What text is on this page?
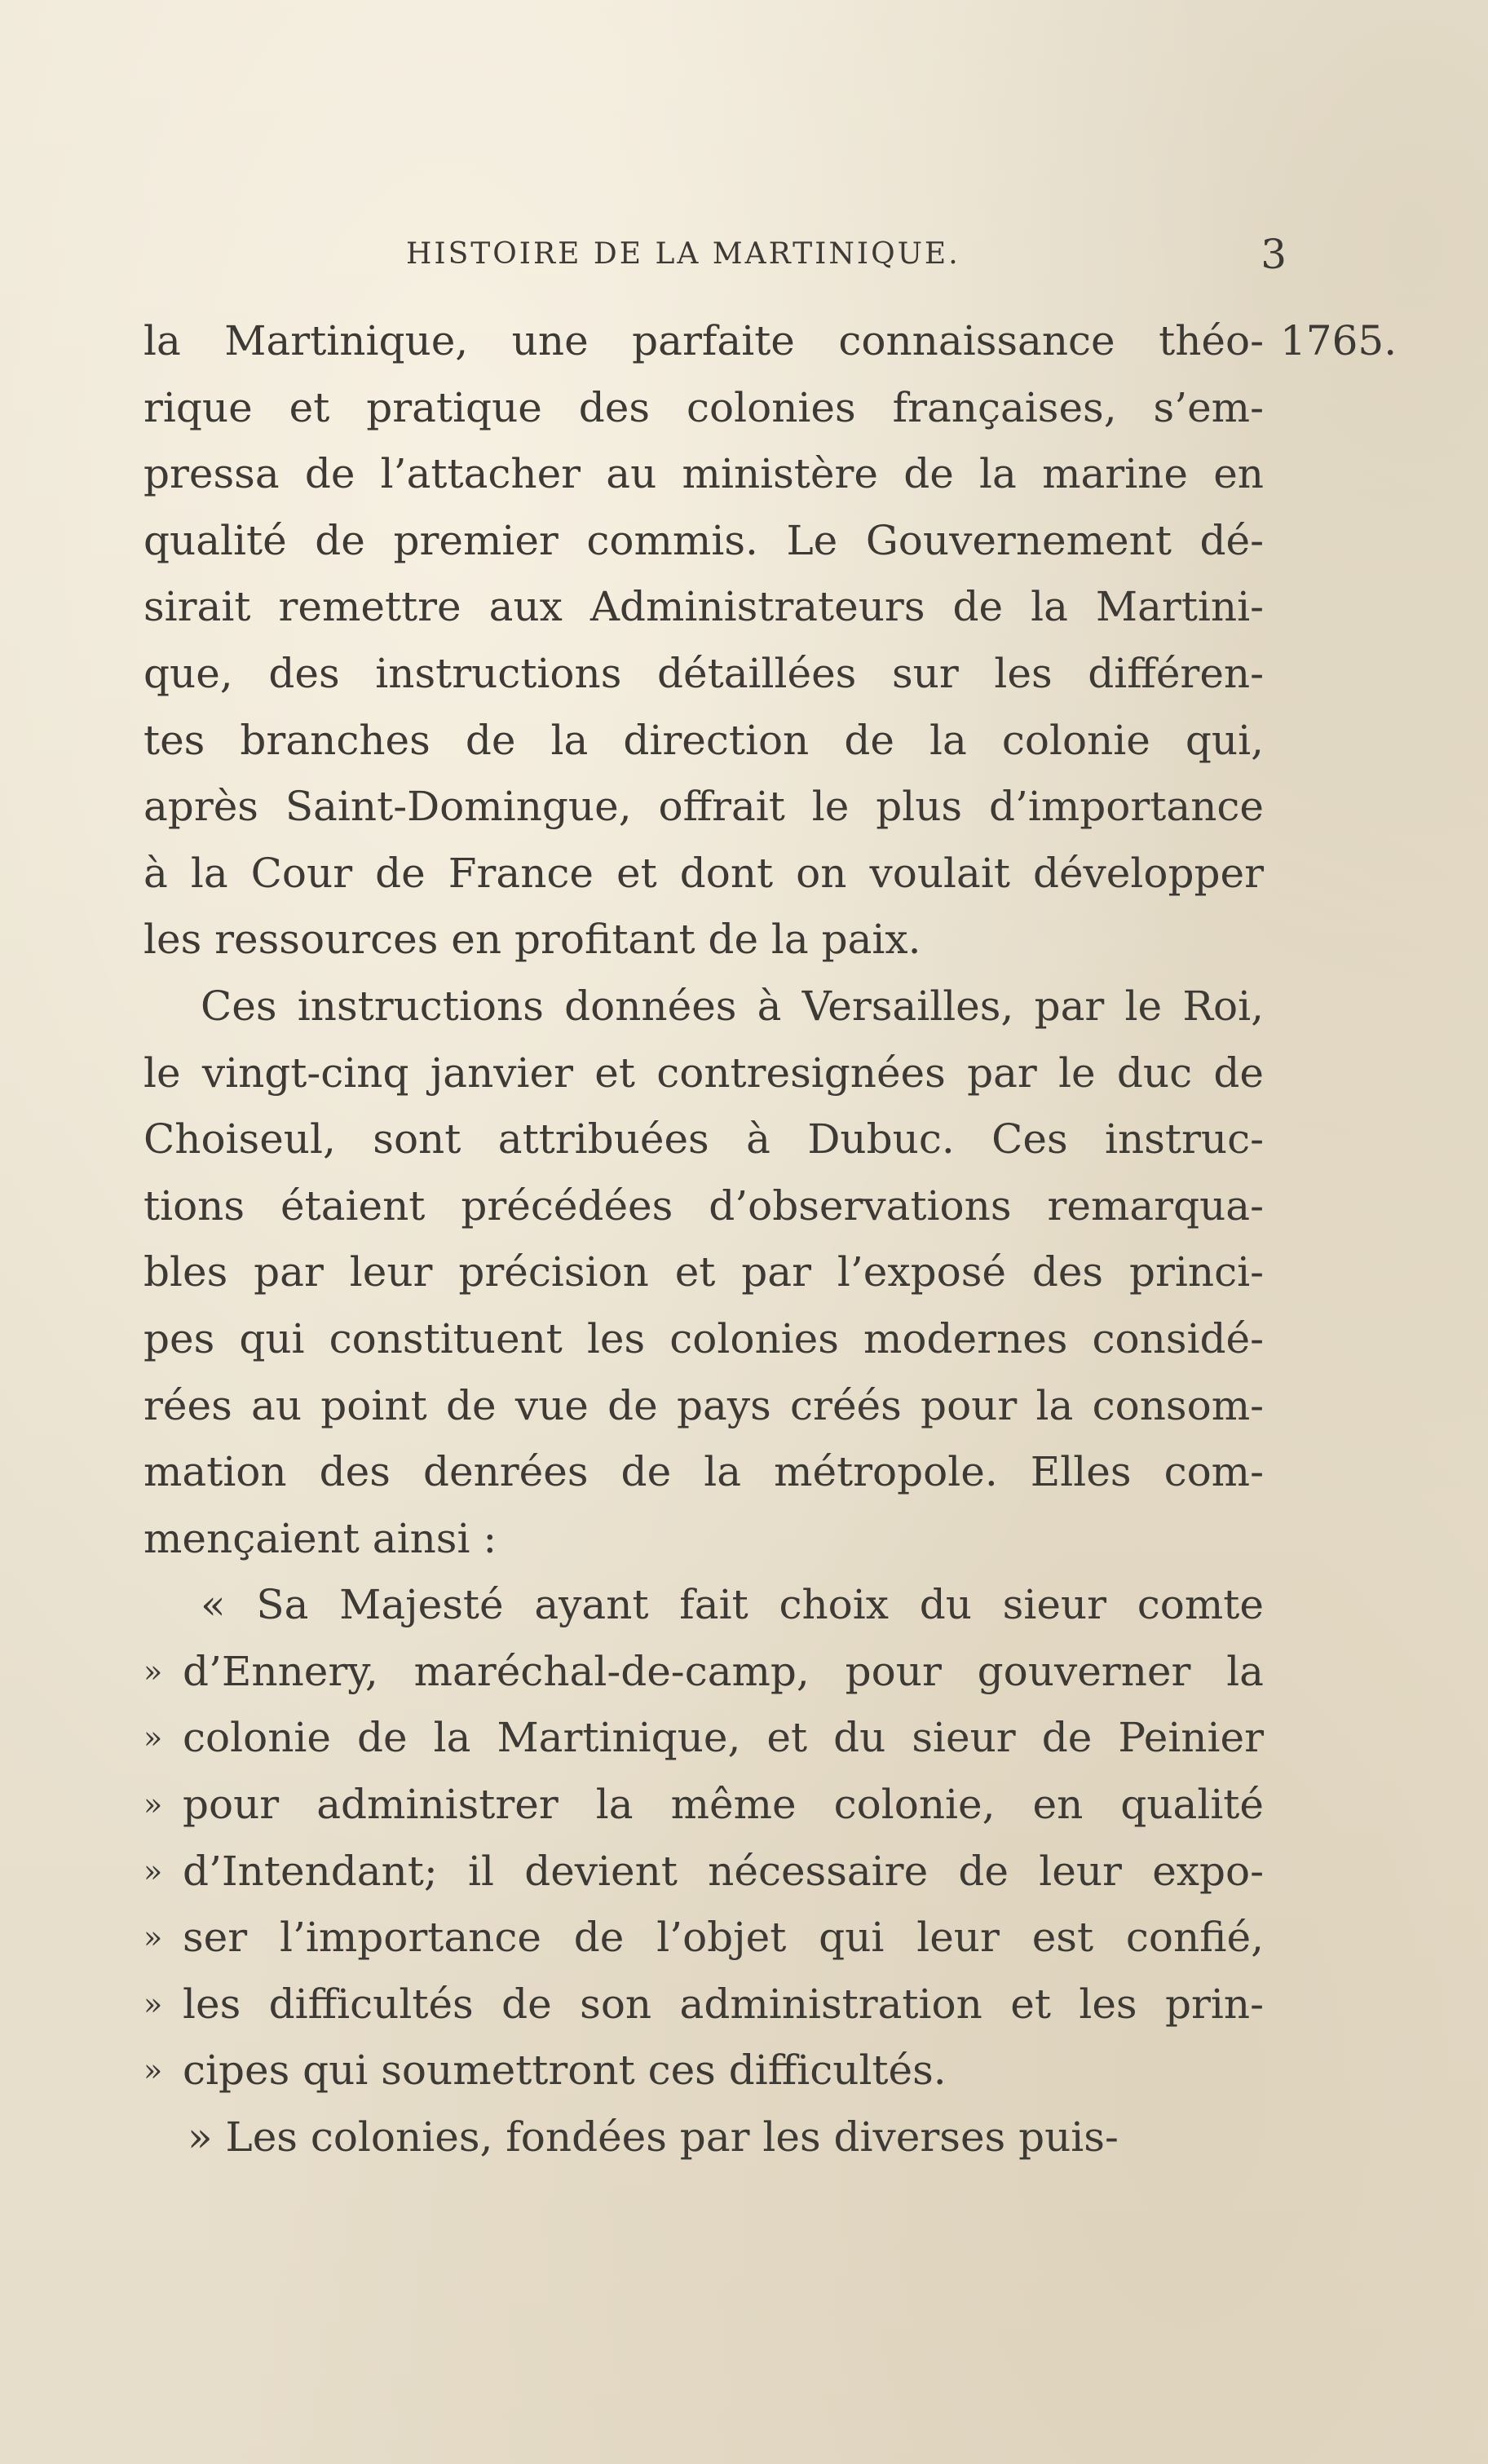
HISTOIRE DE LA MARTINIQUE.	3
1765.
la Martinique, une parfaite connaissance théo-
rique et pratique des colonies françaises, s’em-
pressa de l’attacher au ministère de la marine en
qualité de premier commis. Le Gouvernement dé-
sirait remettre aux Administrateurs de la Martini-
que, des instructions détaillées sur les différen-
tes branches de la direction de la colonie qui,
après Saint-Domingue, offrait le plus d’importance
à la Cour de France et dont on voulait développer
les ressources en profitant de la paix.
Ces instructions données à Versailles, par le Roi,
le vingt-cinq janvier et contresignées par le duc de
Choiseul, sont attribuées à Dubuc. Ces instruc-
tions étaient précédées d’observations remarqua-
bles par leur précision et par l’exposé des princi-
pes qui constituent les colonies modernes considé-
rées au point de vue de pays créés pour la consom-
mation des denrées de la métropole. Elles com-
mençaient ainsi :
« Sa Majesté ayant fait choix du sieur comte
» d’Ennery, maréchal-de-camp, pour gouverner la
» colonie de la Martinique, et du sieur de Peinier
» pour administrer la même colonie, en qualité
» d’Intendant; il devient nécessaire de leur expo-
» ser l’importance de l’objet qui leur est confié,
» les difficultés de son administration et les prin-
» cipes qui soumettront ces difficultés.
» Les colonies, fondées par les diverses puis-
